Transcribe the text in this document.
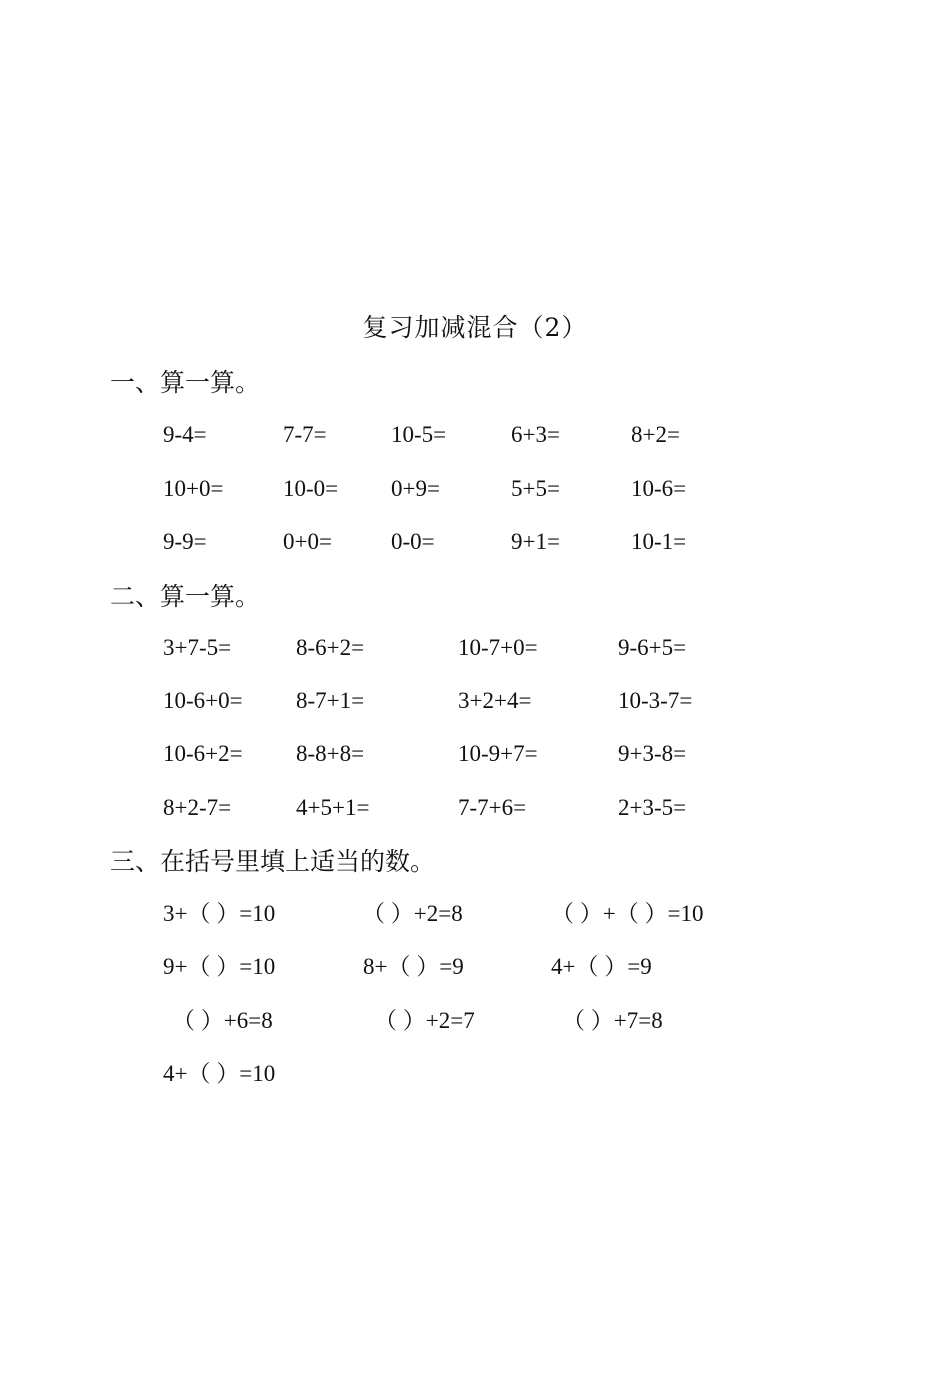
复习加减混合（2）
一、算一算。
9-4=	7-7=	10-5=	6+3=	8+2=
10+0=	10-0= 0+9=	5+5=	10-6=
9-9=	0+0=	0-0=	9+1=	10-1=
二、算一算。
3+7-5=	8-6+2=	10-7+0=	9-6+5=
10-6+0= 8-7+1=	3+2+4=	10-3-7=
10-6+2= 8-8+8=	10-9+7=	9+3-8=
8+2-7=	4+5+1=	7-7+6=	2+3-5=
三、在括号里填上适当的数。
3+（ ）=10	（ ）+2=8	（ ）+（ ）=10
9+（ ）=10	8+（ ）=9	4+（ ）=9
（ ）+6=8	（ ）+2=7	（ ）+7=8
4+（ ）=10
